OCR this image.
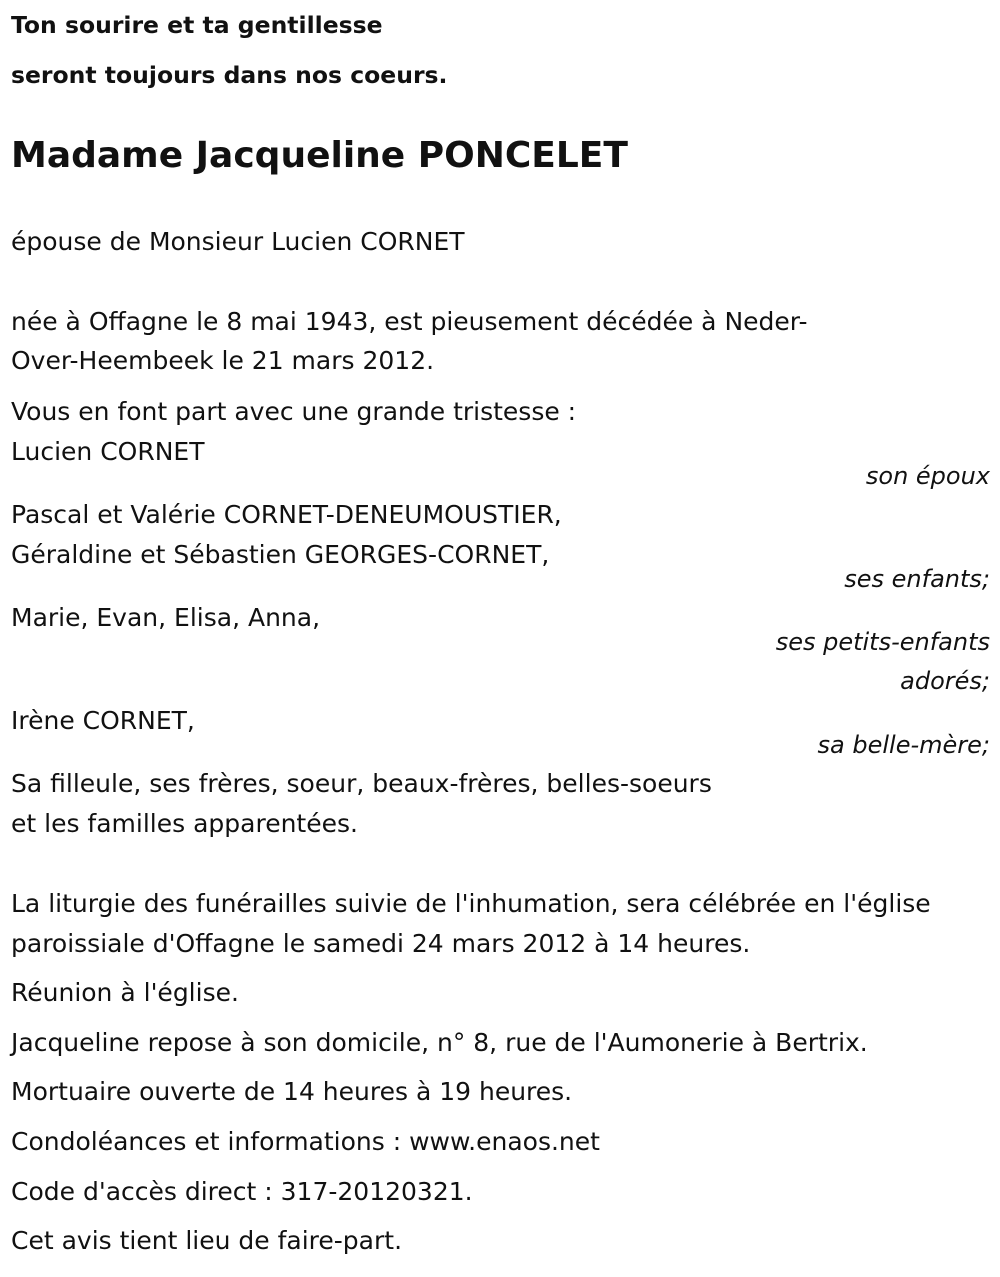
Ton sourire et ta gentillesse
seront toujours dans nos coeurs.
Madame Jacqueline PONCELET
épouse de Monsieur Lucien CORNET
née à Offagne le 8 mai 1943, est pieusement décédée à Neder-
Over-Heembeek le 21 mars 2012.
Vous en font part avec une grande tristesse :
Lucien CORNET
son époux
Pascal et Valérie CORNET-DENEUMOUSTIER,
Géraldine et Sébastien GEORGES-CORNET,
ses enfants;
Marie, Evan, Elisa, Anna,
ses petits-enfants
adorés;
Irène CORNET,
sa belle-mère;
Sa filleule, ses frères, soeur, beaux-frères, belles-soeurs
et les familles apparentées.
La liturgie des funérailles suivie de l'inhumation, sera célébrée en l'église
paroissiale d'Offagne le samedi 24 mars 2012 à 14 heures.
Réunion à l'église.
Jacqueline repose à son domicile, n° 8, rue de l'Aumonerie à Bertrix.
Mortuaire ouverte de 14 heures à 19 heures.
Condoléances et informations : www.enaos.net
Code d'accès direct : 317-20120321.
Cet avis tient lieu de faire-part.
